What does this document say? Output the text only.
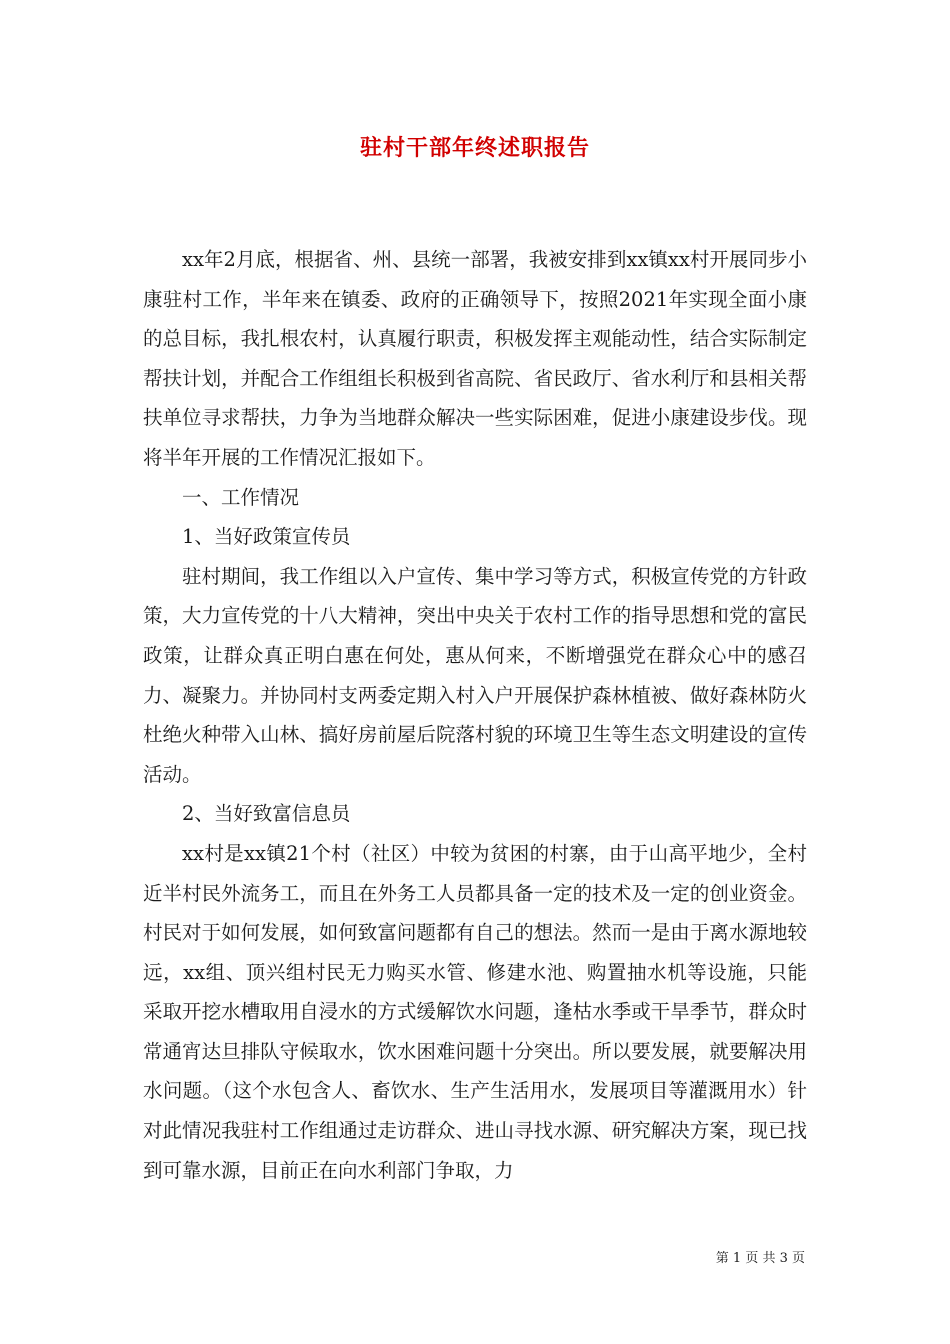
驻村干部年终述职报告

xx年2月底，根据省、州、县统一部署，我被安排到xx镇xx村开展同步小康驻村工作，半年来在镇委、政府的正确领导下，按照2021年实现全面小康的总目标，我扎根农村，认真履行职责，积极发挥主观能动性，结合实际制定帮扶计划，并配合工作组组长积极到省高院、省民政厅、省水利厅和县相关帮扶单位寻求帮扶，力争为当地群众解决一些实际困难，促进小康建设步伐。现将半年开展的工作情况汇报如下。

一、工作情况

1、当好政策宣传员

驻村期间，我工作组以入户宣传、集中学习等方式，积极宣传党的方针政策，大力宣传党的十八大精神，突出中央关于农村工作的指导思想和党的富民政策，让群众真正明白惠在何处，惠从何来，不断增强党在群众心中的感召力、凝聚力。并协同村支两委定期入村入户开展保护森林植被、做好森林防火杜绝火种带入山林、搞好房前屋后院落村貌的环境卫生等生态文明建设的宣传活动。

2、当好致富信息员

xx村是xx镇21个村（社区）中较为贫困的村寨，由于山高平地少，全村近半村民外流务工，而且在外务工人员都具备一定的技术及一定的创业资金。村民对于如何发展，如何致富问题都有自己的想法。然而一是由于离水源地较远，xx组、顶兴组村民无力购买水管、修建水池、购置抽水机等设施，只能采取开挖水槽取用自浸水的方式缓解饮水问题，逢枯水季或干旱季节，群众时常通宵达旦排队守候取水，饮水困难问题十分突出。所以要发展，就要解决用水问题。（这个水包含人、畜饮水、生产生活用水，发展项目等灌溉用水）针对此情况我驻村工作组通过走访群众、进山寻找水源、研究解决方案，现已找到可靠水源，目前正在向水利部门争取，力

第 1 页 共 3 页
